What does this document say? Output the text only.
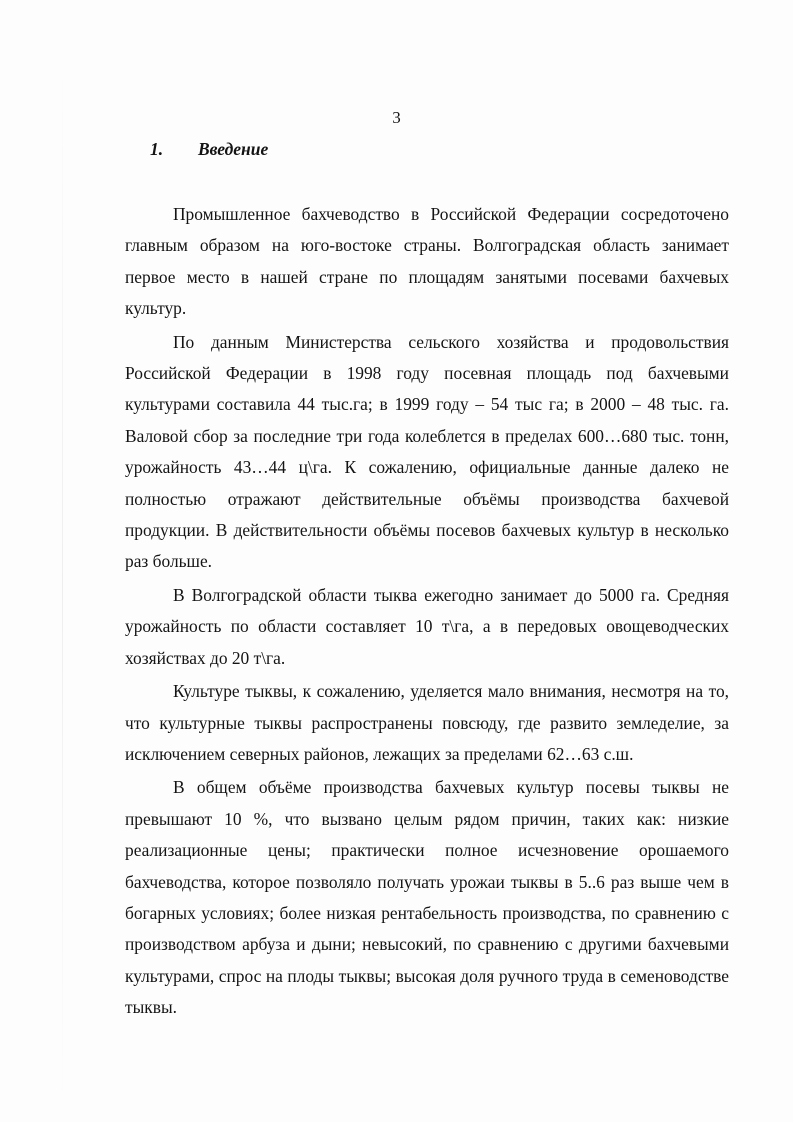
3
1. Введение

Промышленное бахчеводство в Российской Федерации сосредоточено главным образом на юго-востоке страны. Волгоградская область занимает первое место в нашей стране по площадям занятыми посевами бахчевых культур.

По данным Министерства сельского хозяйства и продовольствия Российской Федерации в 1998 году посевная площадь под бахчевыми культурами составила 44 тыс.га; в 1999 году – 54 тыс га; в 2000 – 48 тыс. га. Валовой сбор за последние три года колеблется в пределах 600…680 тыс. тонн, урожайность 43…44 ц\га. К сожалению, официальные данные далеко не полностью отражают действительные объёмы производства бахчевой продукции. В действительности объёмы посевов бахчевых культур в несколько раз больше.

В Волгоградской области тыква ежегодно занимает до 5000 га. Средняя урожайность по области составляет 10 т\га, а в передовых овощеводческих хозяйствах до 20 т\га.

Культуре тыквы, к сожалению, уделяется мало внимания, несмотря на то, что культурные тыквы распространены повсюду, где развито земледелие, за исключением северных районов, лежащих за пределами 62…63 с.ш.

В общем объёме производства бахчевых культур посевы тыквы не превышают 10 %, что вызвано целым рядом причин, таких как: низкие реализационные цены; практически полное исчезновение орошаемого бахчеводства, которое позволяло получать урожаи тыквы в 5..6 раз выше чем в богарных условиях; более низкая рентабельность производства, по сравнению с производством арбуза и дыни; невысокий, по сравнению с другими бахчевыми культурами, спрос на плоды тыквы; высокая доля ручного труда в семеноводстве тыквы.
